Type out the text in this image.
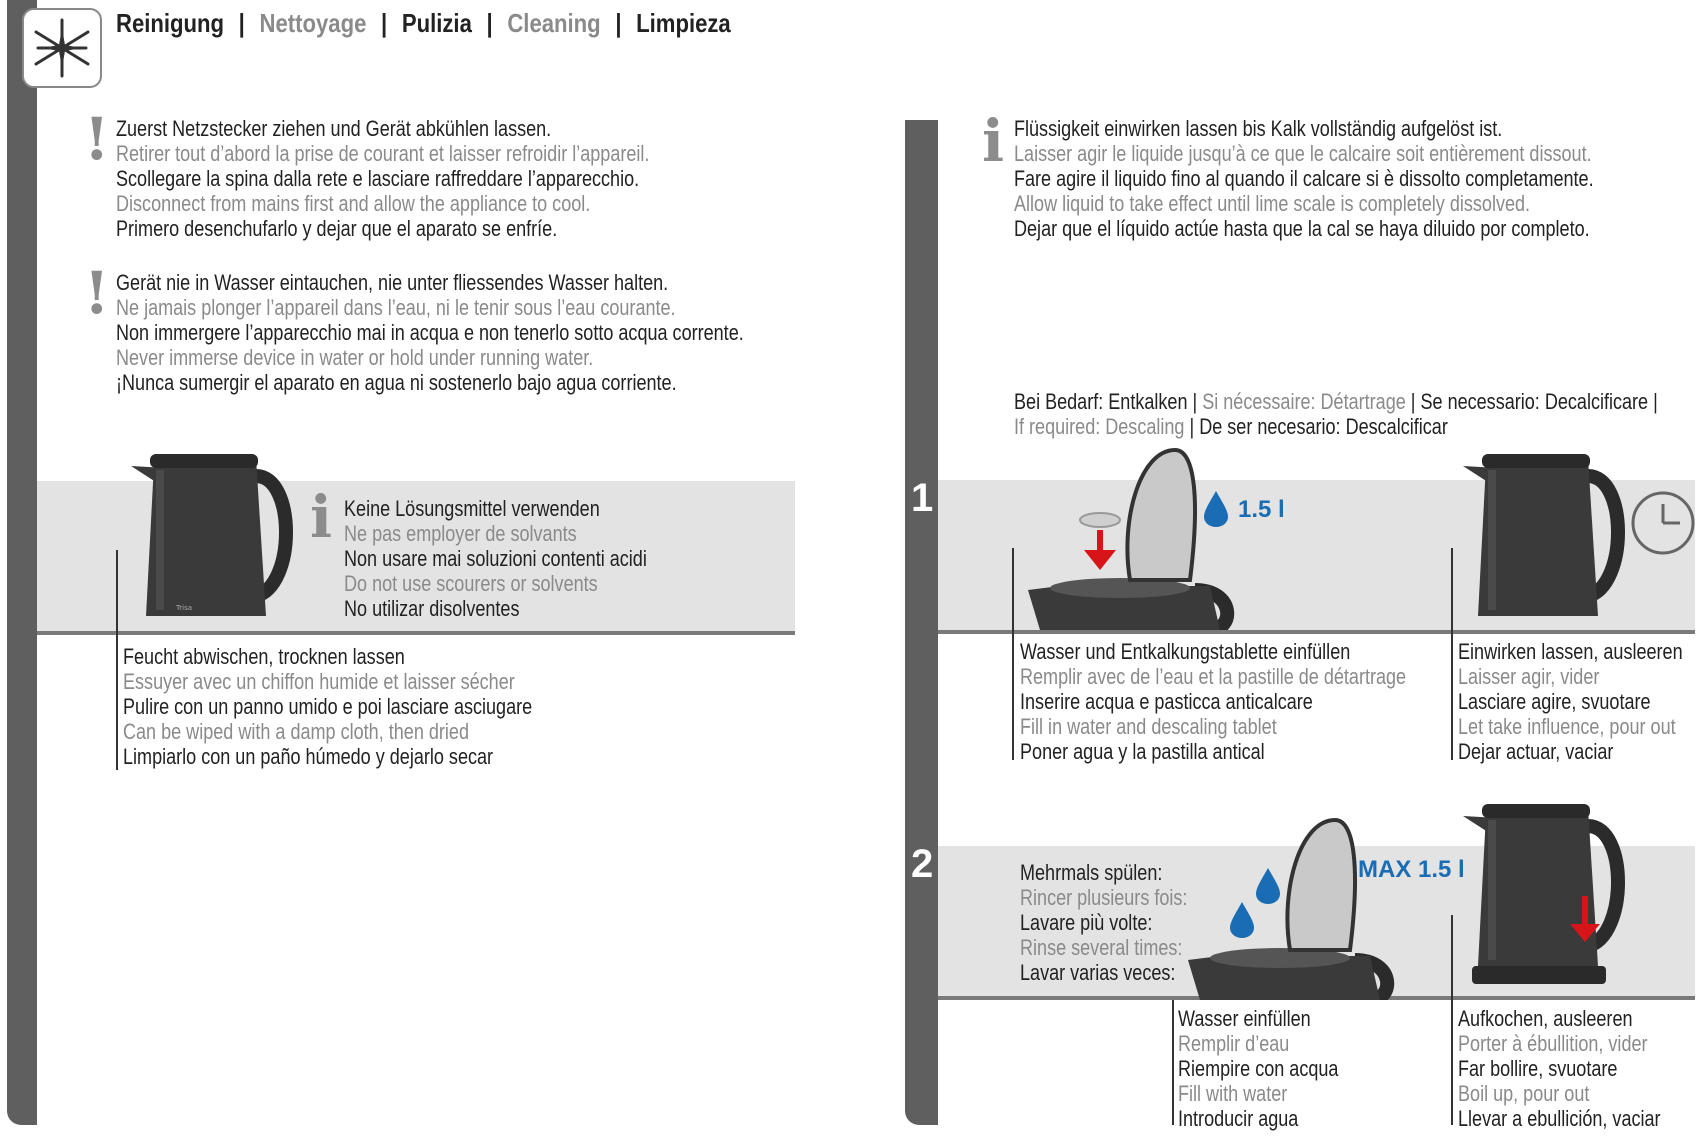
Reinigung | Nettoyage | Pulizia | Cleaning | Limpieza
! Zuerst Netzstecker ziehen und Gerät abkühlen lassen.
Retirer tout d’abord la prise de courant et laisser refroidir l’appareil.
Scollegare la spina dalla rete e lasciare raffreddare l’apparecchio.
Disconnect from mains first and allow the appliance to cool.
Primero desenchufarlo y dejar que el aparato se enfríe.
! Gerät nie in Wasser eintauchen, nie unter fliessendes Wasser halten.
Ne jamais plonger l’appareil dans l’eau, ni le tenir sous l’eau courante.
Non immergere l’apparecchio mai in acqua e non tenerlo sotto acqua corrente.
Never immerse device in water or hold under running water.
¡Nunca sumergir el aparato en agua ni sostenerlo bajo agua corriente.
Trisa
i Keine Lösungsmittel verwenden
Ne pas employer de solvants
Non usare mai soluzioni contenti acidi
Do not use scourers or solvents
No utilizar disolventes
Feucht abwischen, trocknen lassen
Essuyer avec un chiffon humide et laisser sécher
Pulire con un panno umido e poi lasciare asciugare
Can be wiped with a damp cloth, then dried
Limpiarlo con un paño húmedo y dejarlo secar
i Flüssigkeit einwirken lassen bis Kalk vollständig aufgelöst ist.
Laisser agir le liquide jusqu’à ce que le calcaire soit entièrement dissout.
Fare agire il liquido fino al quando il calcare si è dissolto completamente.
Allow liquid to take effect until lime scale is completely dissolved.
Dejar que el líquido actúe hasta que la cal se haya diluido por completo.
Bei Bedarf: Entkalken | Si nécessaire: Détartrage | Se necessario: Decalcificare |
If required: Descaling | De ser necesario: Descalcificar
1	1.5 l
Wasser und Entkalkungstablette einfüllen
Remplir avec de l’eau et la pastille de détartrage
Inserire acqua e pasticca anticalcare
Fill in water and descaling tablet
Poner agua y la pastilla antical
Einwirken lassen, ausleeren
Laisser agir, vider
Lasciare agire, svuotare
Let take influence, pour out
Dejar actuar, vaciar
2	Mehrmals spülen:
Rincer plusieurs fois:
Lavare più volte:
Rinse several times:
Lavar varias veces:
MAX 1.5 l
Wasser einfüllen
Remplir d’eau
Riempire con acqua
Fill with water
Introducir agua
Aufkochen, ausleeren
Porter à ébullition, vider
Far bollire, svuotare
Boil up, pour out
Llevar a ebullición, vaciar
